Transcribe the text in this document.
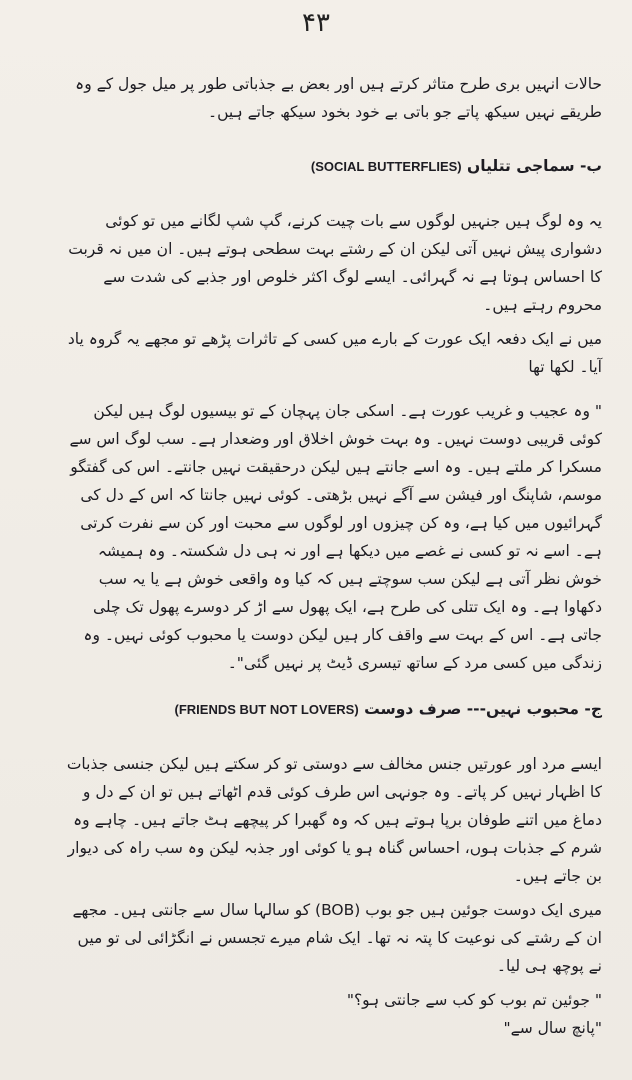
۴۳

حالات انہیں بری طرح متاثر کرتے ہیں اور بعض بے جذباتی طور پر میل جول کے وہ طریقے نہیں سیکھ پاتے جو باتی بے خود بخود سیکھ جاتے ہیں۔

ب- سماجی تتلیاں (SOCIAL BUTTERFLIES)

یہ وہ لوگ ہیں جنہیں لوگوں سے بات چیت کرنے، گپ شپ لگانے میں تو کوئی دشواری پیش نہیں آتی لیکن ان کے رشتے بہت سطحی ہوتے ہیں۔ ان میں نہ قربت کا احساس ہوتا ہے نہ گہرائی۔ ایسے لوگ اکثر خلوص اور جذبے کی شدت سے محروم رہتے ہیں۔

میں نے ایک دفعہ ایک عورت کے بارے میں کسی کے تاثرات پڑھے تو مجھے یہ گروہ یاد آیا۔ لکھا تھا

" وہ عجیب و غریب عورت ہے۔ اسکی جان پہچان کے تو بیسیوں لوگ ہیں لیکن کوئی قریبی دوست نہیں۔ وہ بہت خوش اخلاق اور وضعدار ہے۔ سب لوگ اس سے مسکرا کر ملتے ہیں۔ وہ اسے جانتے ہیں لیکن درحقیقت نہیں جانتے۔ اس کی گفتگو موسم، شاپنگ اور فیشن سے آگے نہیں بڑھتی۔ کوئی نہیں جانتا کہ اس کے دل کی گہرائیوں میں کیا ہے، وہ کن چیزوں اور لوگوں سے محبت اور کن سے نفرت کرتی ہے۔ اسے نہ تو کسی نے غصے میں دیکھا ہے اور نہ ہی دل شکستہ۔ وہ ہمیشہ خوش نظر آتی ہے لیکن سب سوچتے ہیں کہ کیا وہ واقعی خوش ہے یا یہ سب دکھاوا ہے۔ وہ ایک تتلی کی طرح ہے، ایک پھول سے اڑ کر دوسرے پھول تک چلی جاتی ہے۔ اس کے بہت سے واقف کار ہیں لیکن دوست یا محبوب کوئی نہیں۔ وہ زندگی میں کسی مرد کے ساتھ تیسری ڈیٹ پر نہیں گئی"۔

ج- محبوب نہیں--- صرف دوست (FRIENDS BUT NOT LOVERS)

ایسے مرد اور عورتیں جنس مخالف سے دوستی تو کر سکتے ہیں لیکن جنسی جذبات کا اظہار نہیں کر پاتے۔ وہ جونہی اس طرف کوئی قدم اٹھاتے ہیں تو ان کے دل و دماغ میں اتنے طوفان برپا ہوتے ہیں کہ وہ گھبرا کر پیچھے ہٹ جاتے ہیں۔ چاہے وہ شرم کے جذبات ہوں، احساس گناہ ہو یا کوئی اور جذبہ لیکن وہ سب راہ کی دیوار بن جاتے ہیں۔

میری ایک دوست جوئین ہیں جو بوب (BOB) کو سالہا سال سے جانتی ہیں۔ مجھے ان کے رشتے کی نوعیت کا پتہ نہ تھا۔ ایک شام میرے تجسس نے انگڑائی لی تو میں نے پوچھ ہی لیا۔

" جوئین تم بوب کو کب سے جانتی ہو؟"

"پانچ سال سے"
